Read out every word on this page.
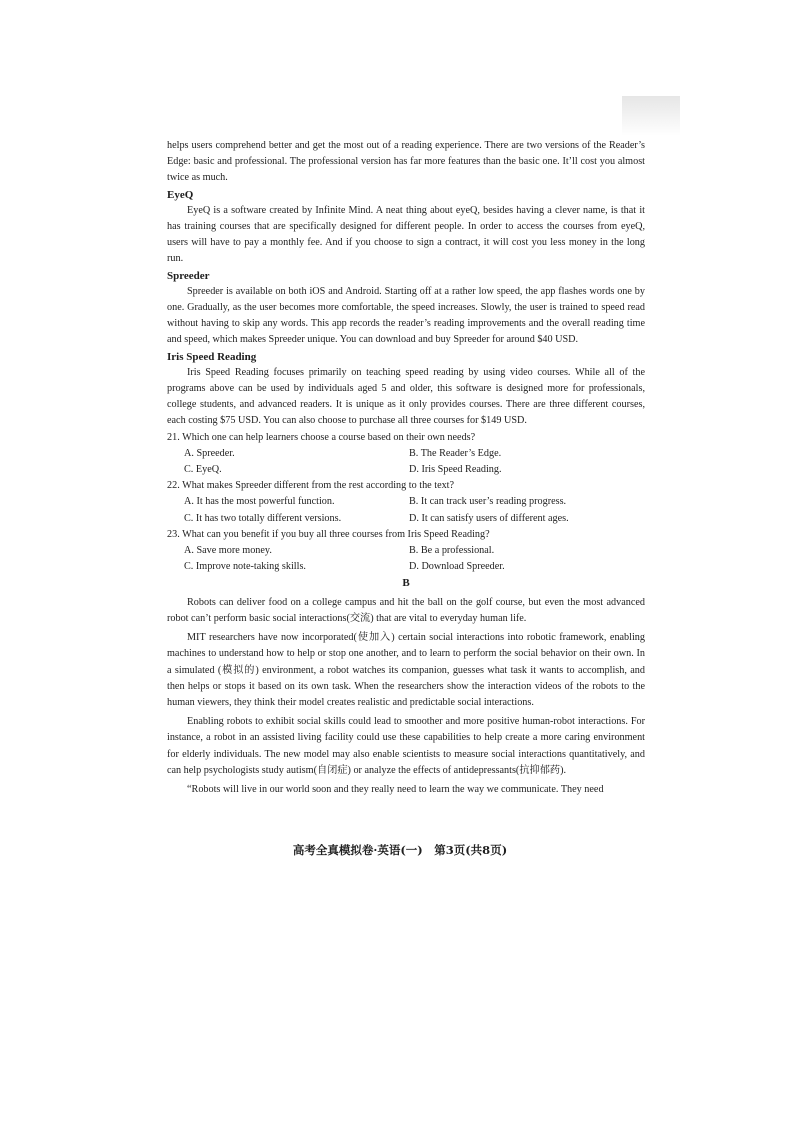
helps users comprehend better and get the most out of a reading experience. There are two versions of the Reader’s Edge: basic and professional. The professional version has far more features than the basic one. It’ll cost you almost twice as much.

EyeQ

EyeQ is a software created by Infinite Mind. A neat thing about eyeQ, besides having a clever name, is that it has training courses that are specifically designed for different people. In order to access the courses from eyeQ, users will have to pay a monthly fee. And if you choose to sign a contract, it will cost you less money in the long run.

Spreeder

Spreeder is available on both iOS and Android. Starting off at a rather low speed, the app flashes words one by one. Gradually, as the user becomes more comfortable, the speed increases. Slowly, the user is trained to speed read without having to skip any words. This app records the reader’s reading improvements and the overall reading time and speed, which makes Spreeder unique. You can download and buy Spreeder for around $40 USD.

Iris Speed Reading

Iris Speed Reading focuses primarily on teaching speed reading by using video courses. While all of the programs above can be used by individuals aged 5 and older, this software is designed more for professionals, college students, and advanced readers. It is unique as it only provides courses. There are three different courses, each costing $75 USD. You can also choose to purchase all three courses for $149 USD.

21. Which one can help learners choose a course based on their own needs?

A. Spreeder.	B. The Reader’s Edge.
C. EyeQ.	D. Iris Speed Reading.

22. What makes Spreeder different from the rest according to the text?

A. It has the most powerful function.	B. It can track user’s reading progress.
C. It has two totally different versions.	D. It can satisfy users of different ages.

23. What can you benefit if you buy all three courses from Iris Speed Reading?

A. Save more money.	B. Be a professional.
C. Improve note-taking skills.	D. Download Spreeder.
B

Robots can deliver food on a college campus and hit the ball on the golf course, but even the most advanced robot can’t perform basic social interactions(交流) that are vital to everyday human life.

MIT researchers have now incorporated(使加入) certain social interactions into robotic framework, enabling machines to understand how to help or stop one another, and to learn to perform the social behavior on their own. In a simulated (模拟的) environment, a robot watches its companion, guesses what task it wants to accomplish, and then helps or stops it based on its own task. When the researchers show the interaction videos of the robots to the human viewers, they think their model creates realistic and predictable social interactions.

Enabling robots to exhibit social skills could lead to smoother and more positive human-robot interactions. For instance, a robot in an assisted living facility could use these capabilities to help create a more caring environment for elderly individuals. The new model may also enable scientists to measure social interactions quantitatively, and can help psychologists study autism(自闭症) or analyze the effects of antidepressants(抗抑郁药).

“Robots will live in our world soon and they really need to learn the way we communicate. They need

高考全真模拟卷·英语(一)　第3页(共8页)
